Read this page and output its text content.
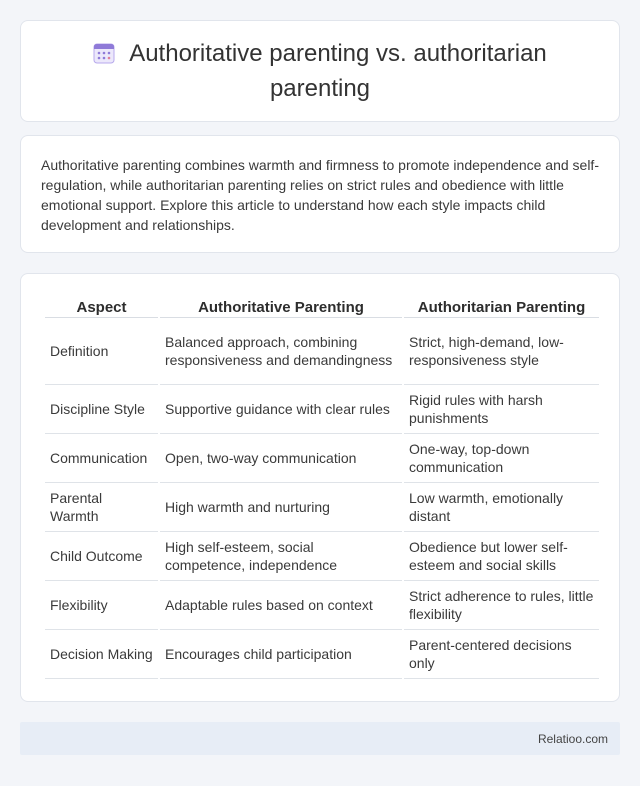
Authoritative parenting vs. authoritarian parenting

Authoritative parenting combines warmth and firmness to promote independence and self-regulation, while authoritarian parenting relies on strict rules and obedience with little emotional support. Explore this article to understand how each style impacts child development and relationships.

Aspect	Authoritative Parenting	Authoritarian Parenting
Definition	Balanced approach, combining responsiveness and demandingness	Strict, high-demand, low-responsiveness style
Discipline Style	Supportive guidance with clear rules	Rigid rules with harsh punishments
Communication	Open, two-way communication	One-way, top-down communication
Parental Warmth	High warmth and nurturing	Low warmth, emotionally distant
Child Outcome	High self-esteem, social competence, independence	Obedience but lower self-esteem and social skills
Flexibility	Adaptable rules based on context	Strict adherence to rules, little flexibility
Decision Making	Encourages child participation	Parent-centered decisions only
Relatioo.com
